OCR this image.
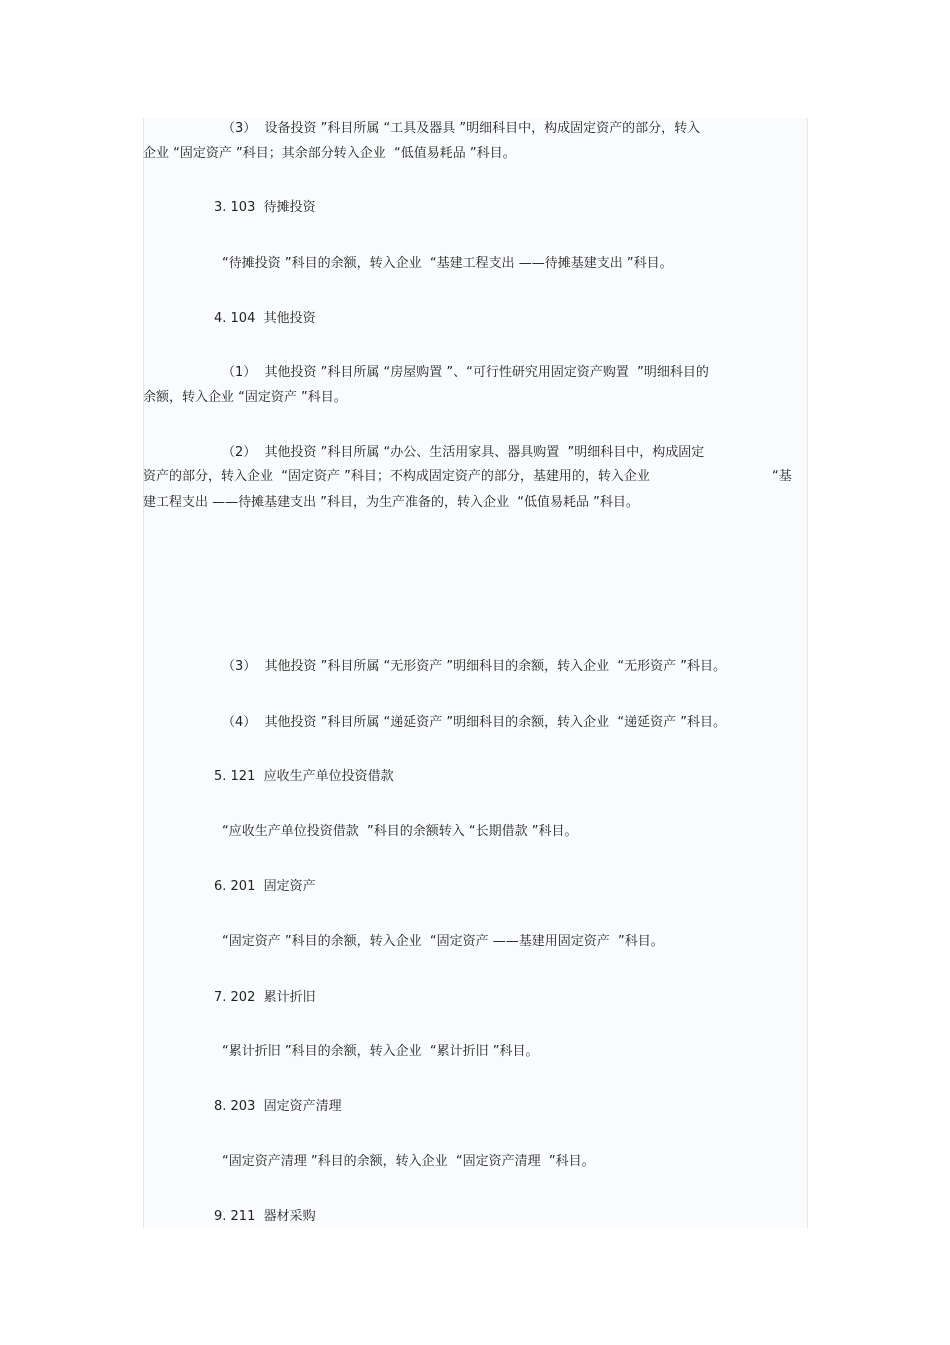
（3）  设备投资 ”科目所属 “工具及器具 ”明细科目中，构成固定资产的部分，转入
企业 “固定资产 ”科目；其余部分转入企业  “低值易耗品 ”科目。
3. 103  待摊投资
“待摊投资 ”科目的余额，转入企业  “基建工程支出 ——待摊基建支出 ”科目。
4. 104  其他投资
（1）  其他投资 ”科目所属 “房屋购置 ”、“可行性研究用固定资产购置  ”明细科目的
余额，转入企业 “固定资产 ”科目。
（2）  其他投资 ”科目所属 “办公、生活用家具、器具购置  ”明细科目中，构成固定
资产的部分，转入企业  “固定资产 ”科目；不构成固定资产的部分，基建用的，转入企业	“基
建工程支出 ——待摊基建支出 ”科目，为生产准备的，转入企业  “低值易耗品 ”科目。
（3）  其他投资 ”科目所属 “无形资产 ”明细科目的余额，转入企业  “无形资产 ”科目。
（4）  其他投资 ”科目所属 “递延资产 ”明细科目的余额，转入企业  “递延资产 ”科目。
5. 121  应收生产单位投资借款
“应收生产单位投资借款  ”科目的余额转入 “长期借款 ”科目。
6. 201  固定资产
“固定资产 ”科目的余额，转入企业  “固定资产 ——基建用固定资产  ”科目。
7. 202  累计折旧
“累计折旧 ”科目的余额，转入企业  “累计折旧 ”科目。
8. 203  固定资产清理
“固定资产清理 ”科目的余额，转入企业  “固定资产清理  ”科目。
9. 211  器材采购
